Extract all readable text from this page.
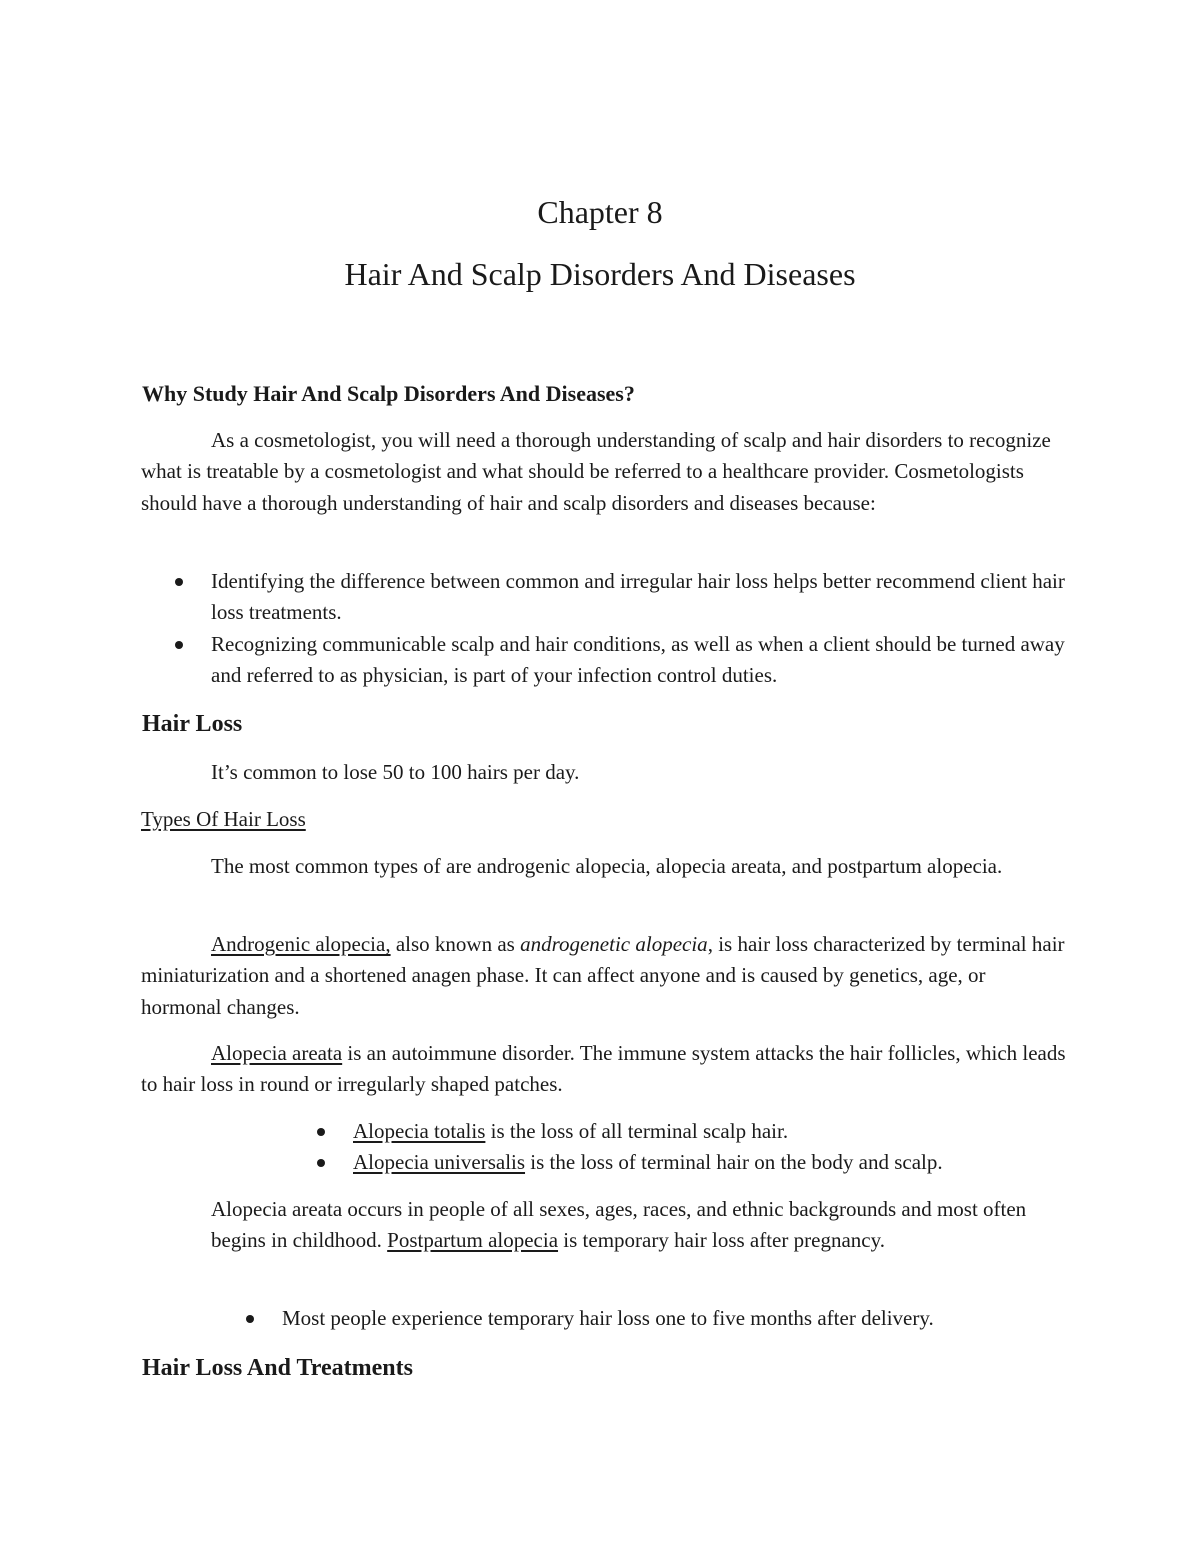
Chapter 8
Hair And Scalp Disorders And Diseases
Why Study Hair And Scalp Disorders And Diseases?

As a cosmetologist, you will need a thorough understanding of scalp and hair disorders to recognize what is treatable by a cosmetologist and what should be referred to a healthcare provider. Cosmetologists should have a thorough understanding of hair and scalp disorders and diseases because:

Identifying the difference between common and irregular hair loss helps better recommend client hair loss treatments.
Recognizing communicable scalp and hair conditions, as well as when a client should be turned away and referred to as physician, is part of your infection control duties.
Hair Loss

It’s common to lose 50 to 100 hairs per day.

Types Of Hair Loss

The most common types of are androgenic alopecia, alopecia areata, and postpartum alopecia.

Androgenic alopecia, also known as androgenetic alopecia, is hair loss characterized by terminal hair miniaturization and a shortened anagen phase. It can affect anyone and is caused by genetics, age, or hormonal changes.

Alopecia areata is an autoimmune disorder. The immune system attacks the hair follicles, which leads to hair loss in round or irregularly shaped patches.

Alopecia totalis is the loss of all terminal scalp hair.
Alopecia universalis is the loss of terminal hair on the body and scalp.

Alopecia areata occurs in people of all sexes, ages, races, and ethnic backgrounds and most often begins in childhood. Postpartum alopecia is temporary hair loss after pregnancy.

Most people experience temporary hair loss one to five months after delivery.
Hair Loss And Treatments
